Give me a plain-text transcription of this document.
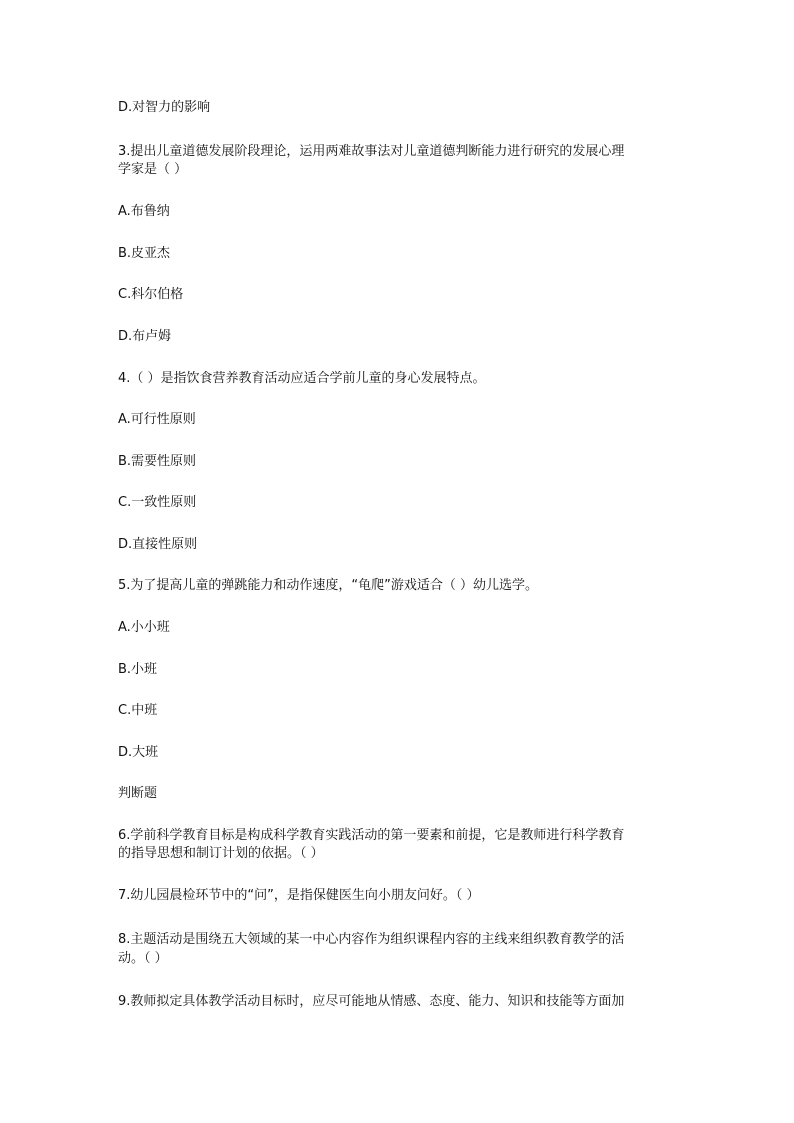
D.对智力的影响
3.提出儿童道德发展阶段理论，运用两难故事法对儿童道德判断能力进行研究的发展心理
学家是（ ）
A.布鲁纳
B.皮亚杰
C.科尔伯格
D.布卢姆
4.（ ）是指饮食营养教育活动应适合学前儿童的身心发展特点。
A.可行性原则
B.需要性原则
C.一致性原则
D.直接性原则
5.为了提高儿童的弹跳能力和动作速度，“龟爬”游戏适合（ ）幼儿选学。
A.小小班
B.小班
C.中班
D.大班
判断题
6.学前科学教育目标是构成科学教育实践活动的第一要素和前提，它是教师进行科学教育
的指导思想和制订计划的依据。（ ）
7.幼儿园晨检环节中的“问”，是指保健医生向小朋友问好。（ ）
8.主题活动是围绕五大领域的某一中心内容作为组织课程内容的主线来组织教育教学的活
动。（ ）
9.教师拟定具体教学活动目标时，应尽可能地从情感、态度、能力、知识和技能等方面加
